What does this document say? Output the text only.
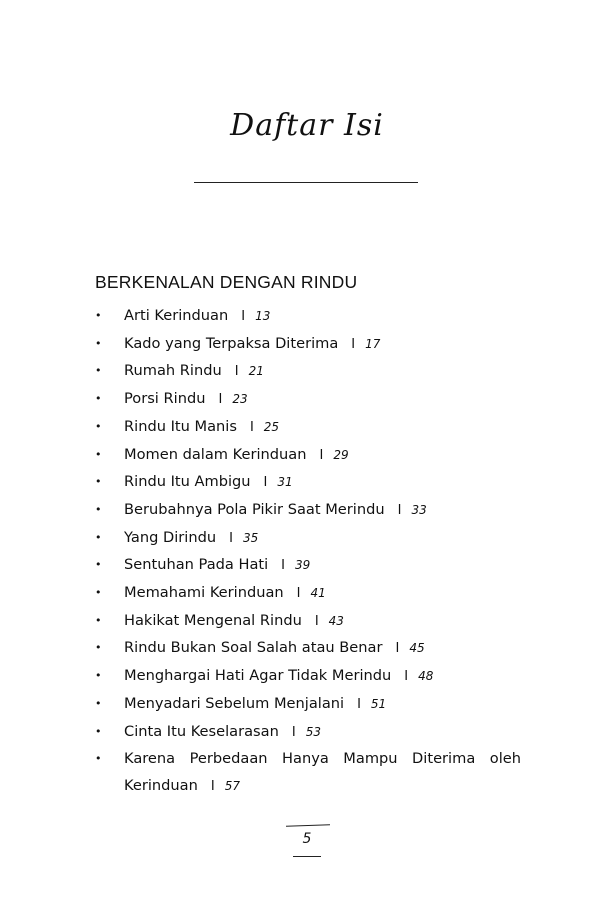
Daftar Isi
BERKENALAN DENGAN RINDU
• Arti Kerinduan I 13
• Kado yang Terpaksa Diterima I 17
• Rumah Rindu I 21
• Porsi Rindu I 23
• Rindu Itu Manis I 25
• Momen dalam Kerinduan I 29
• Rindu Itu Ambigu I 31
• Berubahnya Pola Pikir Saat Merindu I 33
• Yang Dirindu I 35
• Sentuhan Pada Hati I 39
• Memahami Kerinduan I 41
• Hakikat Mengenal Rindu I 43
• Rindu Bukan Soal Salah atau Benar I 45
• Menghargai Hati Agar Tidak Merindu I 48
• Menyadari Sebelum Menjalani I 51
• Cinta Itu Keselarasan I 53
• Karena Perbedaan Hanya Mampu Diterima oleh Kerinduan I 57
5
